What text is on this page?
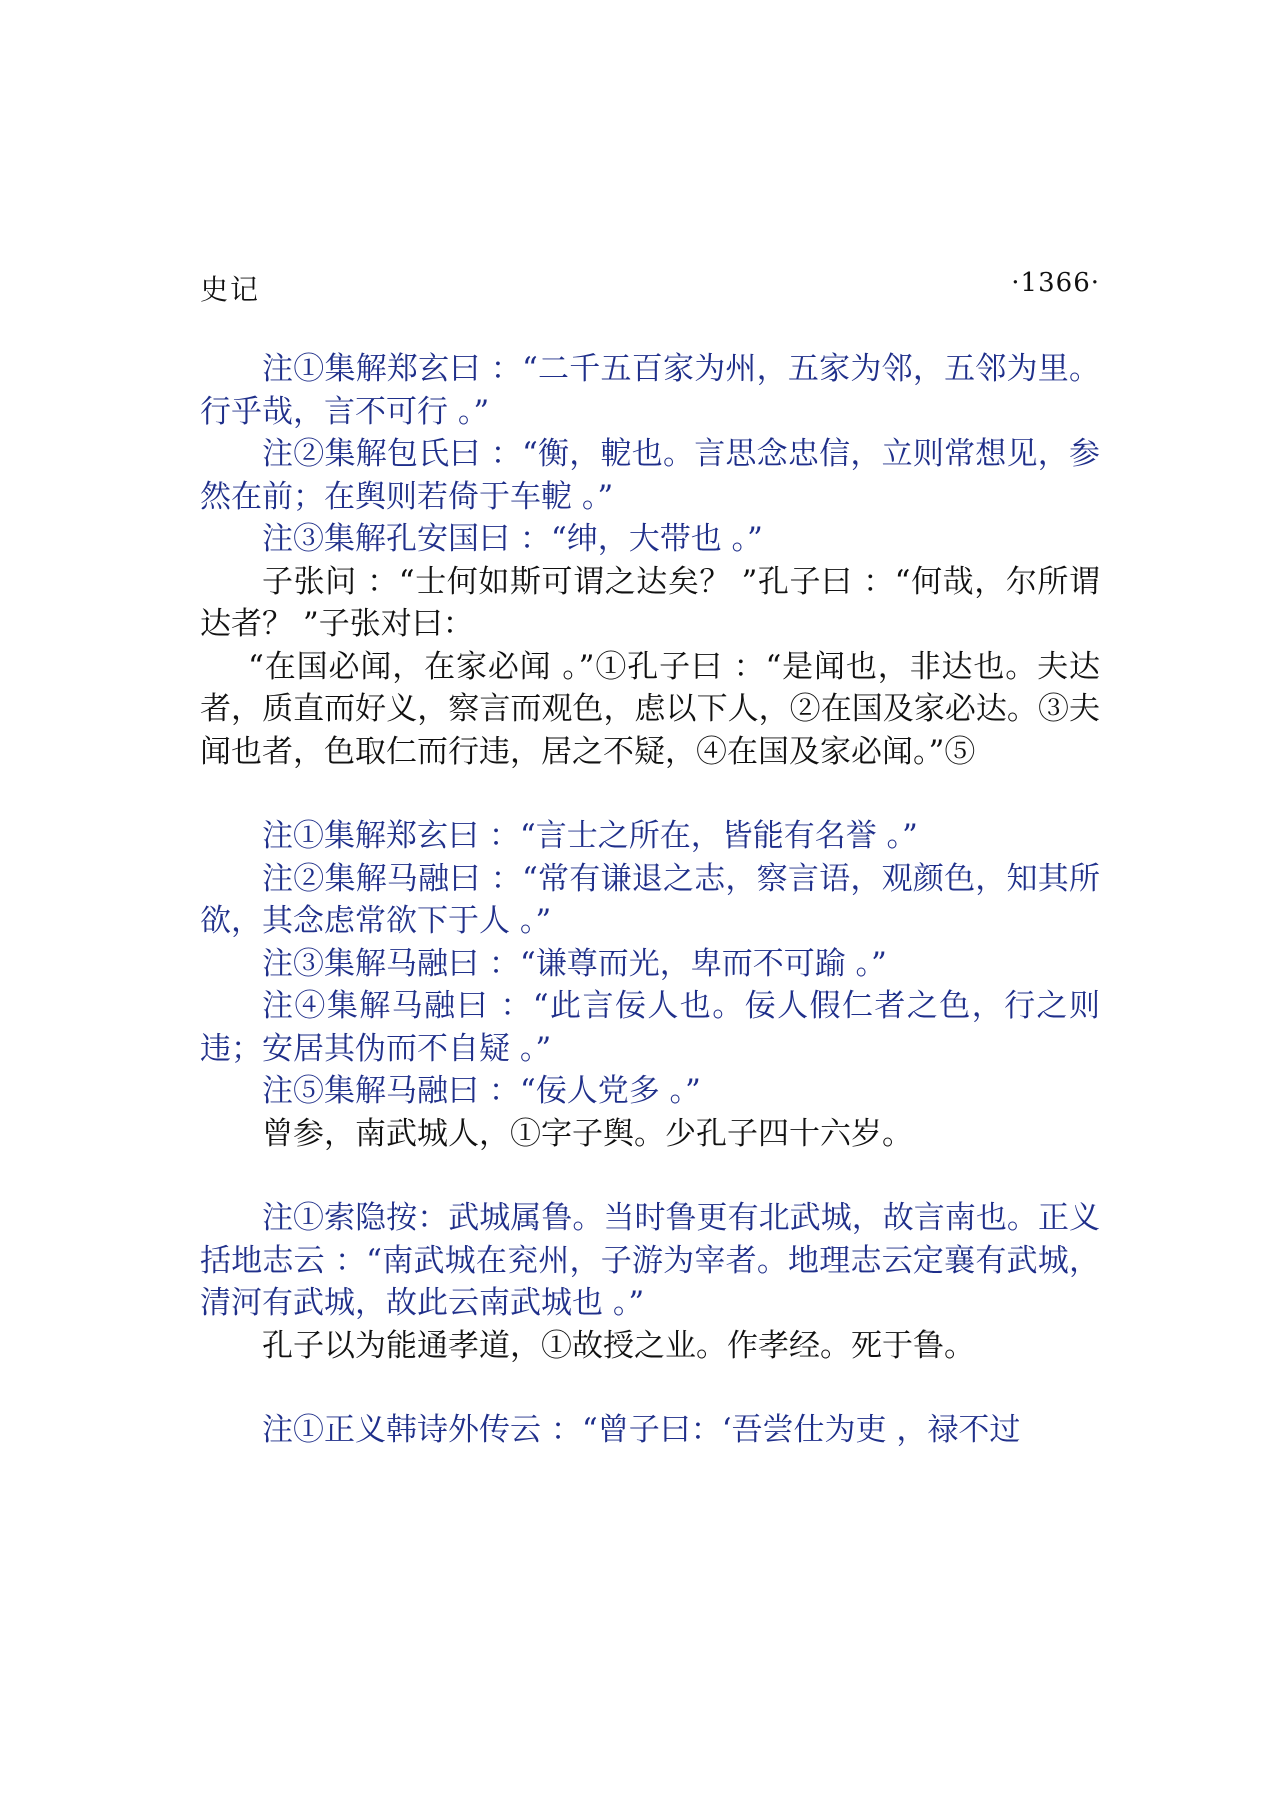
史记	·1366·

注①集解郑玄曰 ：“二千五百家为州，五家为邻，五邻为里。行乎哉，言不可行 。”

注②集解包氏曰 ：“衡，軶也。言思念忠信，立则常想见，参然在前；在舆则若倚于车軶 。”

注③集解孔安国曰 ：“绅，大带也 。”

子张问 ：“士何如斯可谓之达矣？ ”孔子曰 ：“何哉，尔所谓达者？ ”子张对曰：

“在国必闻，在家必闻 。”①孔子曰 ：“是闻也，非达也。夫达者，质直而好义，察言而观色，虑以下人，②在国及家必达。③夫闻也者，色取仁而行违，居之不疑，④在国及家必闻。”⑤

注①集解郑玄曰 ：“言士之所在，皆能有名誉 。”

注②集解马融曰 ：“常有谦退之志，察言语，观颜色，知其所欲，其念虑常欲下于人 。”

注③集解马融曰 ：“谦尊而光，卑而不可踰 。”

注④集解马融曰 ：“此言佞人也。佞人假仁者之色，行之则违；安居其伪而不自疑 。”

注⑤集解马融曰 ：“佞人党多 。”

曾参，南武城人，①字子舆。少孔子四十六岁。

注①索隐按：武城属鲁。当时鲁更有北武城，故言南也。正义括地志云 ：“南武城在兖州，子游为宰者。地理志云定襄有武城，清河有武城，故此云南武城也 。”

孔子以为能通孝道，①故授之业。作孝经。死于鲁。

注①正义韩诗外传云 ：“曾子曰：‘吾尝仕为吏 ，禄不过
